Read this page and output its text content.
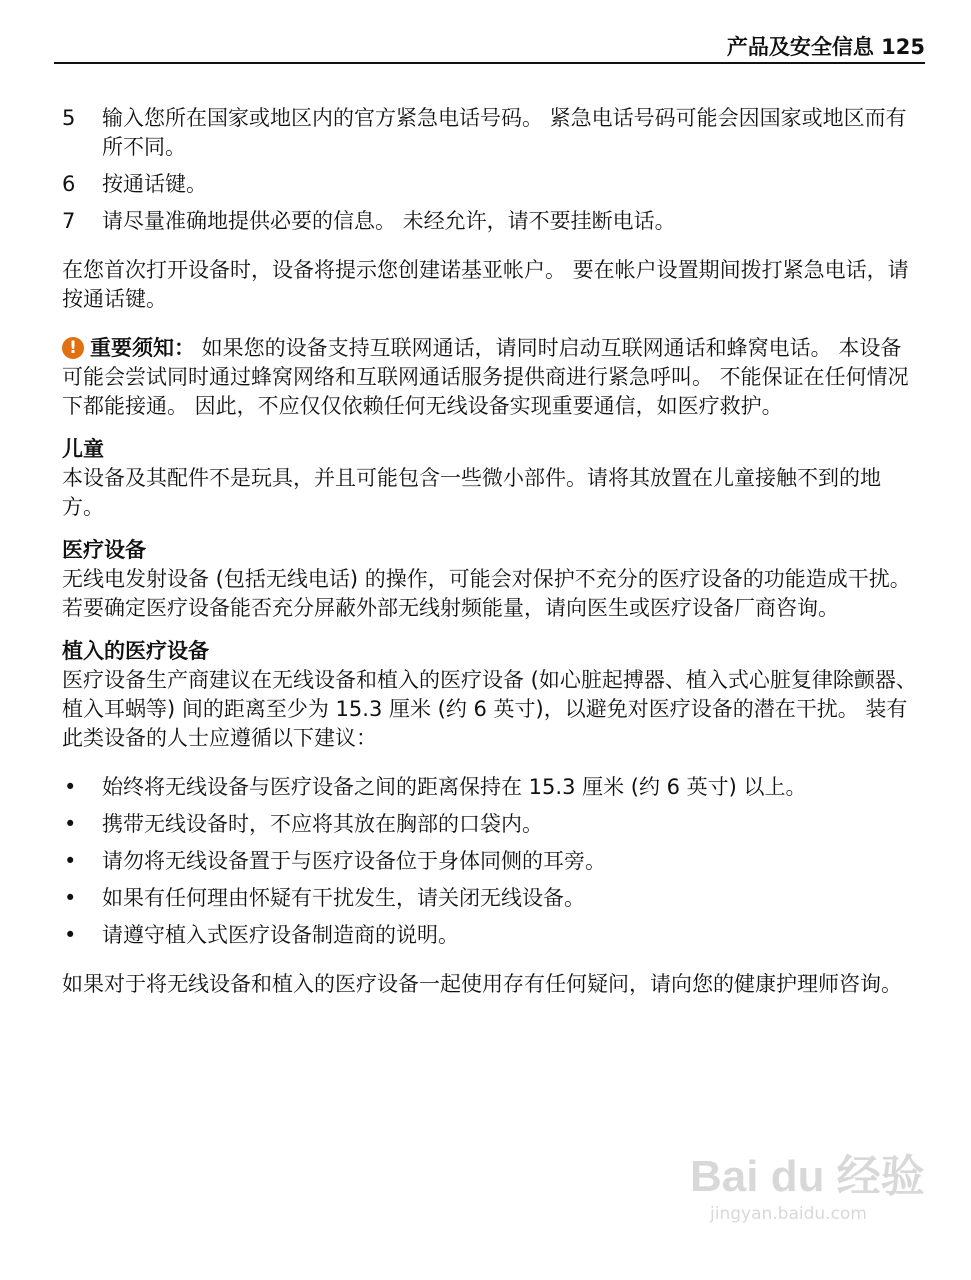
产品及安全信息 125
5 输入您所在国家或地区内的官方紧急电话号码。 紧急电话号码可能会因国家或地区而有所不同。
6 按通话键。
7 请尽量准确地提供必要的信息。 未经允许，请不要挂断电话。

在您首次打开设备时，设备将提示您创建诺基亚帐户。 要在帐户设置期间拨打紧急电话，请按通话键。

! 重要须知： 如果您的设备支持互联网通话，请同时启动互联网通话和蜂窝电话。 本设备可能会尝试同时通过蜂窝网络和互联网通话服务提供商进行紧急呼叫。 不能保证在任何情况下都能接通。 因此，不应仅仅依赖任何无线设备实现重要通信，如医疗救护。

儿童

本设备及其配件不是玩具，并且可能包含一些微小部件。请将其放置在儿童接触不到的地方。

医疗设备

无线电发射设备 (包括无线电话) 的操作，可能会对保护不充分的医疗设备的功能造成干扰。 若要确定医疗设备能否充分屏蔽外部无线射频能量，请向医生或医疗设备厂商咨询。

植入的医疗设备

医疗设备生产商建议在无线设备和植入的医疗设备 (如心脏起搏器、植入式心脏复律除颤器、植入耳蜗等) 间的距离至少为 15.3 厘米 (约 6 英寸)，以避免对医疗设备的潜在干扰。 装有此类设备的人士应遵循以下建议：

• 始终将无线设备与医疗设备之间的距离保持在 15.3 厘米 (约 6 英寸) 以上。
• 携带无线设备时，不应将其放在胸部的口袋内。
• 请勿将无线设备置于与医疗设备位于身体同侧的耳旁。
• 如果有任何理由怀疑有干扰发生，请关闭无线设备。
• 请遵守植入式医疗设备制造商的说明。

如果对于将无线设备和植入的医疗设备一起使用存有任何疑问，请向您的健康护理师咨询。

Bai du 经验
jingyan.baidu.com
